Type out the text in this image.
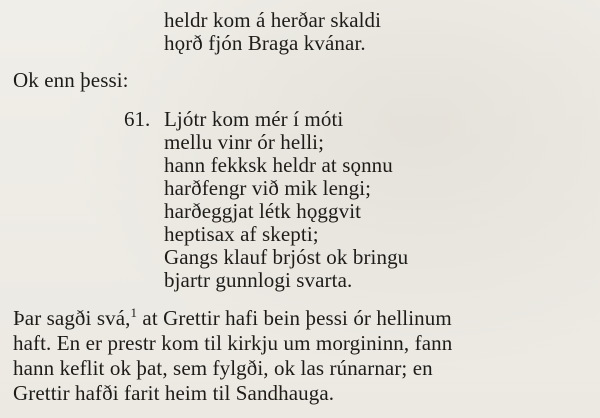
heldr kom á herðar skaldi
hǫrð fjón Braga kvánar.
Ok enn þessi:
61. Ljótr kom mér í móti
mellu vinr ór helli;
hann fekksk heldr at sǫnnu
harðfengr við mik lengi;
harðeggjat létk hǫggvit
heptisax af skepti;
Gangs klauf brjóst ok bringu
bjartr gunnlogi svarta.
Þar sagði svá,$^1$ at Grettir hafi bein þessi ór hellinum
haft. En er prestr kom til kirkju um morgininn, fann
hann keflit ok þat, sem fylgði, ok las rúnarnar; en
Grettir hafði farit heim til Sandhauga.
